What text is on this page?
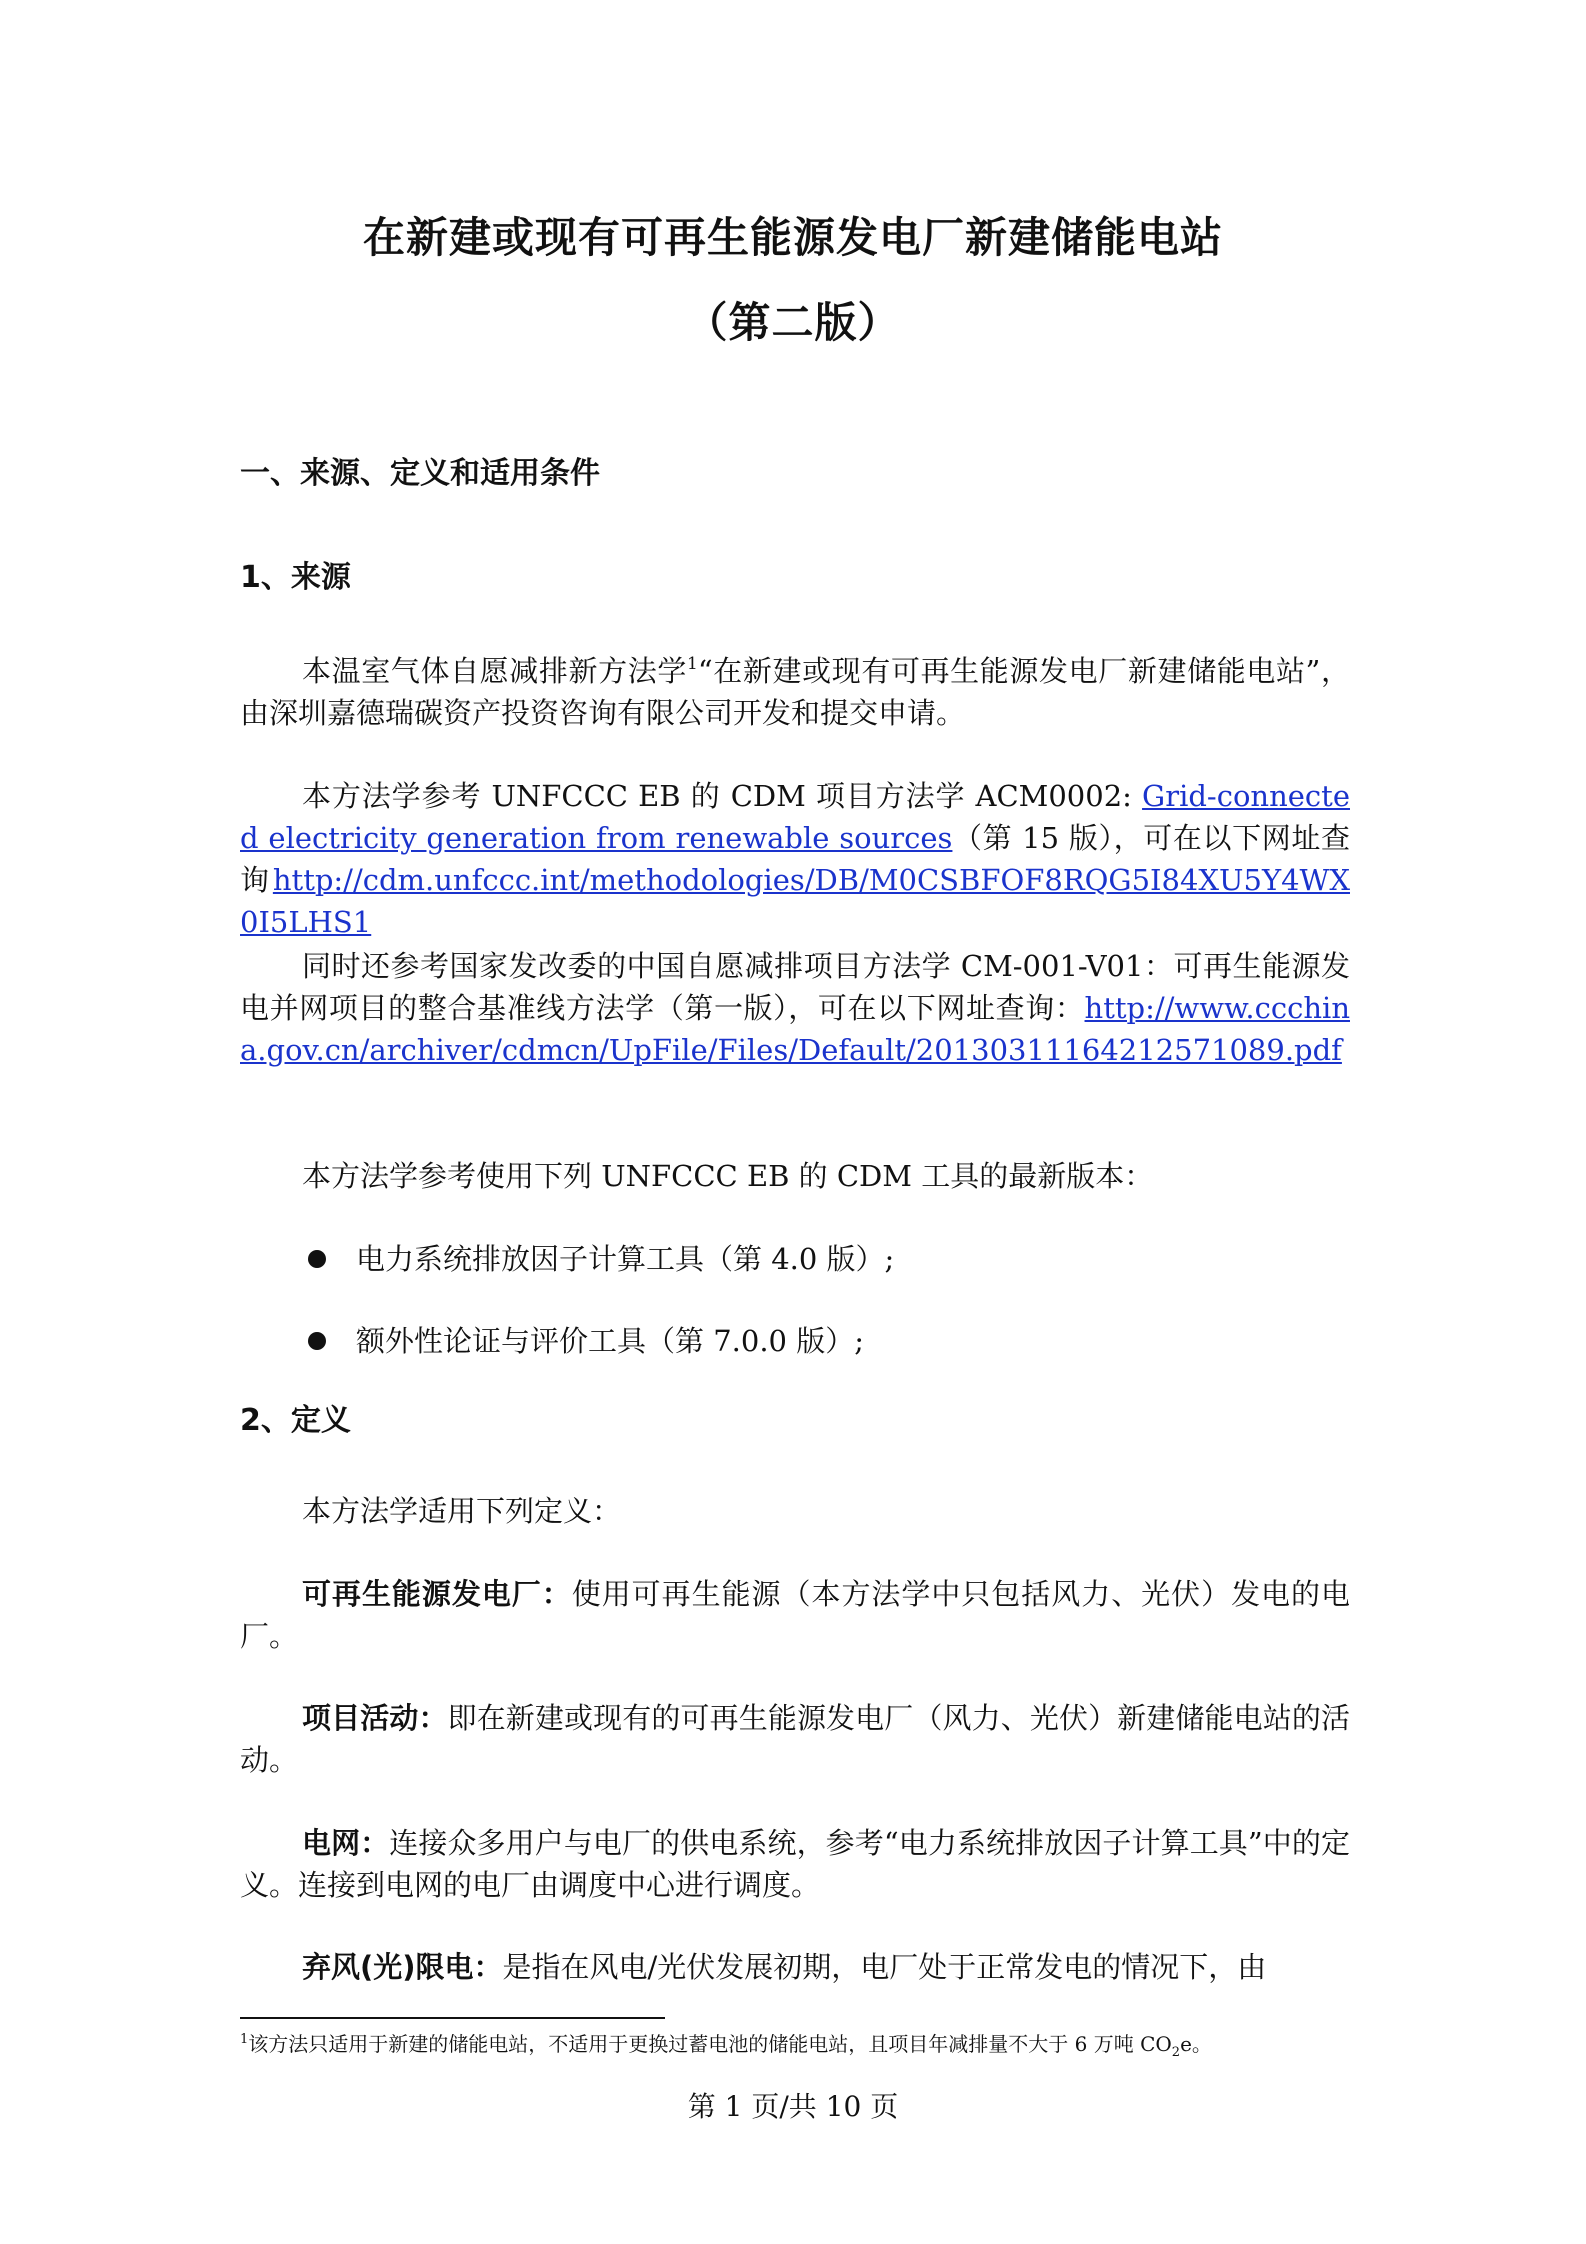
在新建或现有可再生能源发电厂新建储能电站
（第二版）
一、来源、定义和适用条件
1、来源
本温室气体自愿减排新方法学$^1$“在新建或现有可再生能源发电厂新建储能电站”，由深圳嘉德瑞碳资产投资咨询有限公司开发和提交申请。
本方法学参考 UNFCCC EB 的 CDM 项目方法学 ACM0002: Grid-connected electricity generation from renewable sources（第 15 版），可在以下网址查询http://cdm.unfccc.int/methodologies/DB/M0CSBFOF8RQG5I84XU5Y4WX0I5LHS1
同时还参考国家发改委的中国自愿减排项目方法学 CM-001-V01：可再生能源发电并网项目的整合基准线方法学（第一版），可在以下网址查询：http://www.ccchina.gov.cn/archiver/cdmcn/UpFile/Files/Default/20130311164212571089.pdf
本方法学参考使用下列 UNFCCC EB 的 CDM 工具的最新版本：
电力系统排放因子计算工具（第 4.0 版）;
额外性论证与评价工具（第 7.0.0 版）;
2、定义
本方法学适用下列定义：
可再生能源发电厂：使用可再生能源（本方法学中只包括风力、光伏）发电的电厂。
项目活动：即在新建或现有的可再生能源发电厂（风力、光伏）新建储能电站的活动。
电网：连接众多用户与电厂的供电系统，参考“电力系统排放因子计算工具”中的定义。连接到电网的电厂由调度中心进行调度。
弃风(光)限电：是指在风电/光伏发展初期，电厂处于正常发电的情况下，由
$^1$该方法只适用于新建的储能电站，不适用于更换过蓄电池的储能电站，且项目年减排量不大于 6 万吨 $CO_2e$。
第 1 页/共 10 页
